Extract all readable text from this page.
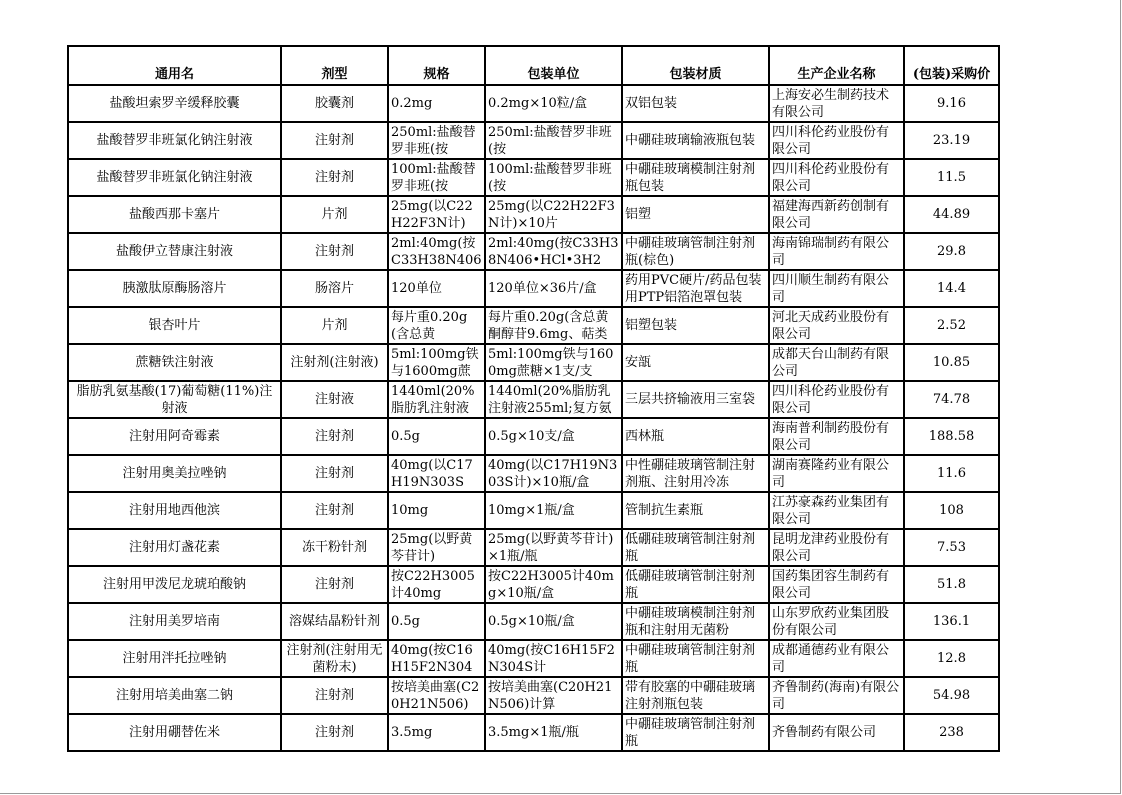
通用名	剂型	规格	包装单位	包装材质	生产企业名称	(包装)采购价

盐酸坦索罗辛缓释胶囊	胶囊剂	0.2mg	0.2mg×10粒/盒	双铝包装	上海安必生制药技术有限公司	9.16

盐酸替罗非班氯化钠注射液	注射剂	250ml:盐酸替罗非班(按	250ml:盐酸替罗非班(按	中硼硅玻璃输液瓶包装	四川科伦药业股份有限公司	23.19

盐酸替罗非班氯化钠注射液	注射剂	100ml:盐酸替罗非班(按	100ml:盐酸替罗非班(按	中硼硅玻璃模制注射剂瓶包装	四川科伦药业股份有限公司	11.5

盐酸西那卡塞片	片剂	25mg(以C22H22F3N计)	25mg(以C22H22F3N计)×10片	铝塑	福建海西新药创制有限公司	44.89

盐酸伊立替康注射液	注射剂	2ml:40mg(按C33H38N406	2ml:40mg(按C33H38N406•HCl•3H2	中硼硅玻璃管制注射剂瓶(棕色)	海南锦瑞制药有限公司	29.8

胰激肽原酶肠溶片	肠溶片	120单位	120单位×36片/盒	药用PVC硬片/药品包装用PTP铝箔泡罩包装	四川顺生制药有限公司	14.4

银杏叶片	片剂	每片重0.20g(含总黄	每片重0.20g(含总黄酮醇苷9.6mg、萜类	铝塑包装	河北天成药业股份有限公司	2.52

蔗糖铁注射液	注射剂(注射液)	5ml:100mg铁与1600mg蔗	5ml:100mg铁与1600mg蔗糖×1支/支	安瓿	成都天台山制药有限公司	10.85

脂肪乳氨基酸(17)葡萄糖(11%)注射液	注射液	1440ml(20%脂肪乳注射液	1440ml(20%脂肪乳注射液255ml;复方氨	三层共挤输液用三室袋	四川科伦药业股份有限公司	74.78

注射用阿奇霉素	注射剂	0.5g	0.5g×10支/盒	西林瓶	海南普利制药股份有限公司	188.58

注射用奥美拉唑钠	注射剂	40mg(以C17H19N303S	40mg(以C17H19N303S计)×10瓶/盒	中性硼硅玻璃管制注射剂瓶、注射用冷冻	湖南赛隆药业有限公司	11.6

注射用地西他滨	注射剂	10mg	10mg×1瓶/盒	管制抗生素瓶	江苏豪森药业集团有限公司	108

注射用灯盏花素	冻干粉针剂	25mg(以野黄芩苷计)	25mg(以野黄芩苷计)×1瓶/瓶	低硼硅玻璃管制注射剂瓶	昆明龙津药业股份有限公司	7.53

注射用甲泼尼龙琥珀酸钠	注射剂	按C22H3005计40mg	按C22H3005计40mg×10瓶/盒	低硼硅玻璃管制注射剂瓶	国药集团容生制药有限公司	51.8

注射用美罗培南	溶媒结晶粉针剂	0.5g	0.5g×10瓶/盒	中硼硅玻璃模制注射剂瓶和注射用无菌粉	山东罗欣药业集团股份有限公司	136.1

注射用泮托拉唑钠	注射剂(注射用无菌粉末)	40mg(按C16H15F2N304	40mg(按C16H15F2N304S计	中硼硅玻璃管制注射剂瓶	成都通德药业有限公司	12.8

注射用培美曲塞二钠	注射剂	按培美曲塞(C20H21N506)	按培美曲塞(C20H21N506)计算	带有胶塞的中硼硅玻璃注射剂瓶包装	齐鲁制药(海南)有限公司	54.98

注射用硼替佐米	注射剂	3.5mg	3.5mg×1瓶/瓶	中硼硅玻璃管制注射剂瓶	齐鲁制药有限公司	238
